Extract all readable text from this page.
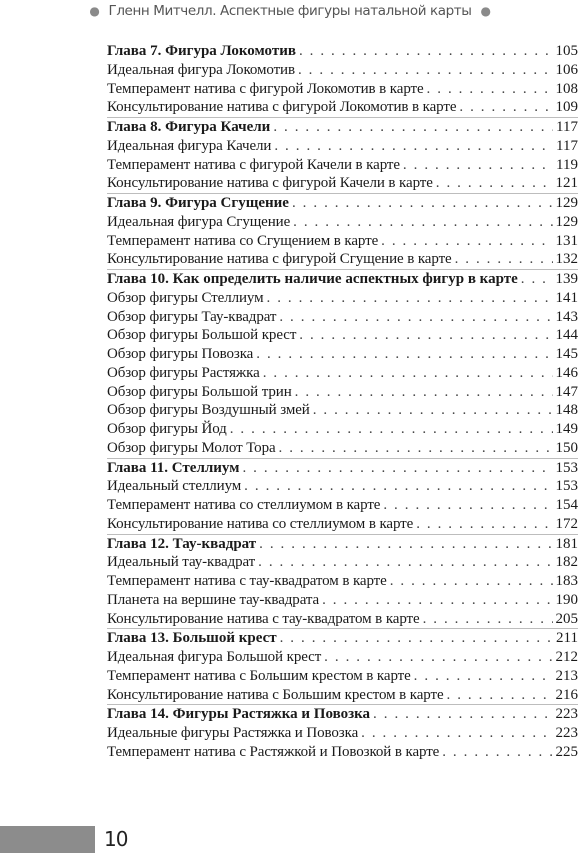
● Гленн Митчелл. Аспектные фигуры натальной карты ●
Глава 7. Фигура Локомотив . . .	105
Идеальная фигура Локомотив . . .	106
Темперамент натива с фигурой Локомотив в карте . . .	108
Консультирование натива с фигурой Локомотив в карте . . .	109
Глава 8. Фигура Качели . . .	117
Идеальная фигура Качели . . .	117
Темперамент натива с фигурой Качели в карте . . .	119
Консультирование натива с фигурой Качели в карте . . .	121
Глава 9. Фигура Сгущение . . .	129
Идеальная фигура Сгущение . . .	129
Темперамент натива со Сгущением в карте . . .	131
Консультирование натива с фигурой Сгущение в карте . . .	132
Глава 10. Как определить наличие аспектных фигур в карте . . .	139
Обзор фигуры Стеллиум . . .	141
Обзор фигуры Тау-квадрат . . .	143
Обзор фигуры Большой крест . . .	144
Обзор фигуры Повозка . . .	145
Обзор фигуры Растяжка . . .	146
Обзор фигуры Большой трин . . .	147
Обзор фигуры Воздушный змей . . .	148
Обзор фигуры Йод . . .	149
Обзор фигуры Молот Тора . . .	150
Глава 11. Стеллиум . . .	153
Идеальный стеллиум . . .	153
Темперамент натива со стеллиумом в карте . . .	154
Консультирование натива со стеллиумом в карте . . .	172
Глава 12. Тау-квадрат . . .	181
Идеальный тау-квадрат . . .	182
Темперамент натива с тау-квадратом в карте . . .	183
Планета на вершине тау-квадрата . . .	190
Консультирование натива с тау-квадратом в карте . . .	205
Глава 13. Большой крест . . .	211
Идеальная фигура Большой крест . . .	212
Темперамент натива с Большим крестом в карте . . .	213
Консультирование натива с Большим крестом в карте . . .	216
Глава 14. Фигуры Растяжка и Повозка . . .	223
Идеальные фигуры Растяжка и Повозка . . .	223
Темперамент натива с Растяжкой и Повозкой в карте . . .	225
10
